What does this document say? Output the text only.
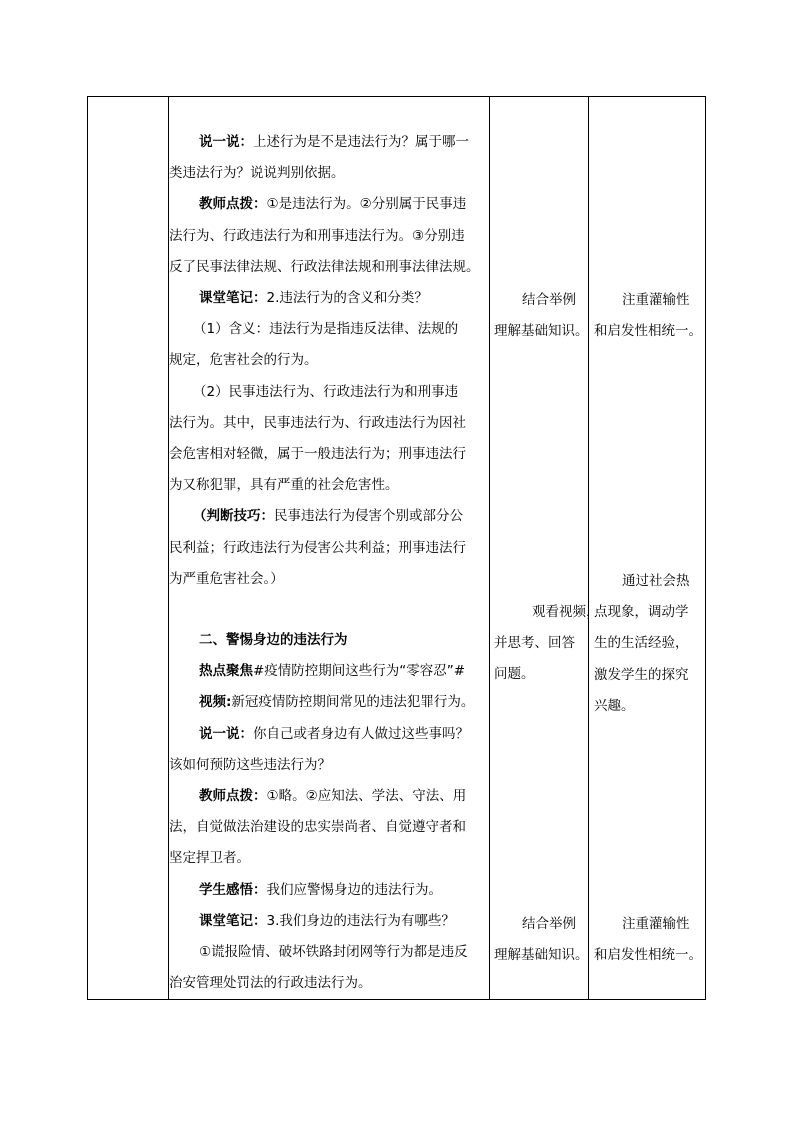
说一说：上述行为是不是违法行为？属于哪一
类违法行为？说说判别依据。
教师点拨：①是违法行为。②分别属于民事违
法行为、行政违法行为和刑事违法行为。③分别违
反了民事法律法规、行政法律法规和刑事法律法规。
课堂笔记：2.违法行为的含义和分类？
（1）含义：违法行为是指违反法律、法规的
规定，危害社会的行为。
（2）民事违法行为、行政违法行为和刑事违
法行为。其中，民事违法行为、行政违法行为因社
会危害相对轻微，属于一般违法行为；刑事违法行
为又称犯罪，具有严重的社会危害性。
（判断技巧：民事违法行为侵害个别或部分公
民利益；行政违法行为侵害公共利益；刑事违法行
为严重危害社会。）
二、警惕身边的违法行为
热点聚焦#疫情防控期间这些行为“零容忍”#
视频:新冠疫情防控期间常见的违法犯罪行为。
说一说：你自己或者身边有人做过这些事吗？
该如何预防这些违法行为？
教师点拨：①略。②应知法、学法、守法、用
法，自觉做法治建设的忠实崇尚者、自觉遵守者和
坚定捍卫者。
学生感悟：我们应警惕身边的违法行为。
课堂笔记：3.我们身边的违法行为有哪些？
①谎报险情、破坏铁路封闭网等行为都是违反
治安管理处罚法的行政违法行为。
结合举例
理解基础知识。
观看视频，
并思考、回答
问题。
结合举例
理解基础知识。
注重灌输性
和启发性相统一。
通过社会热
点现象，调动学
生的生活经验，
激发学生的探究
兴趣。
注重灌输性
和启发性相统一。
